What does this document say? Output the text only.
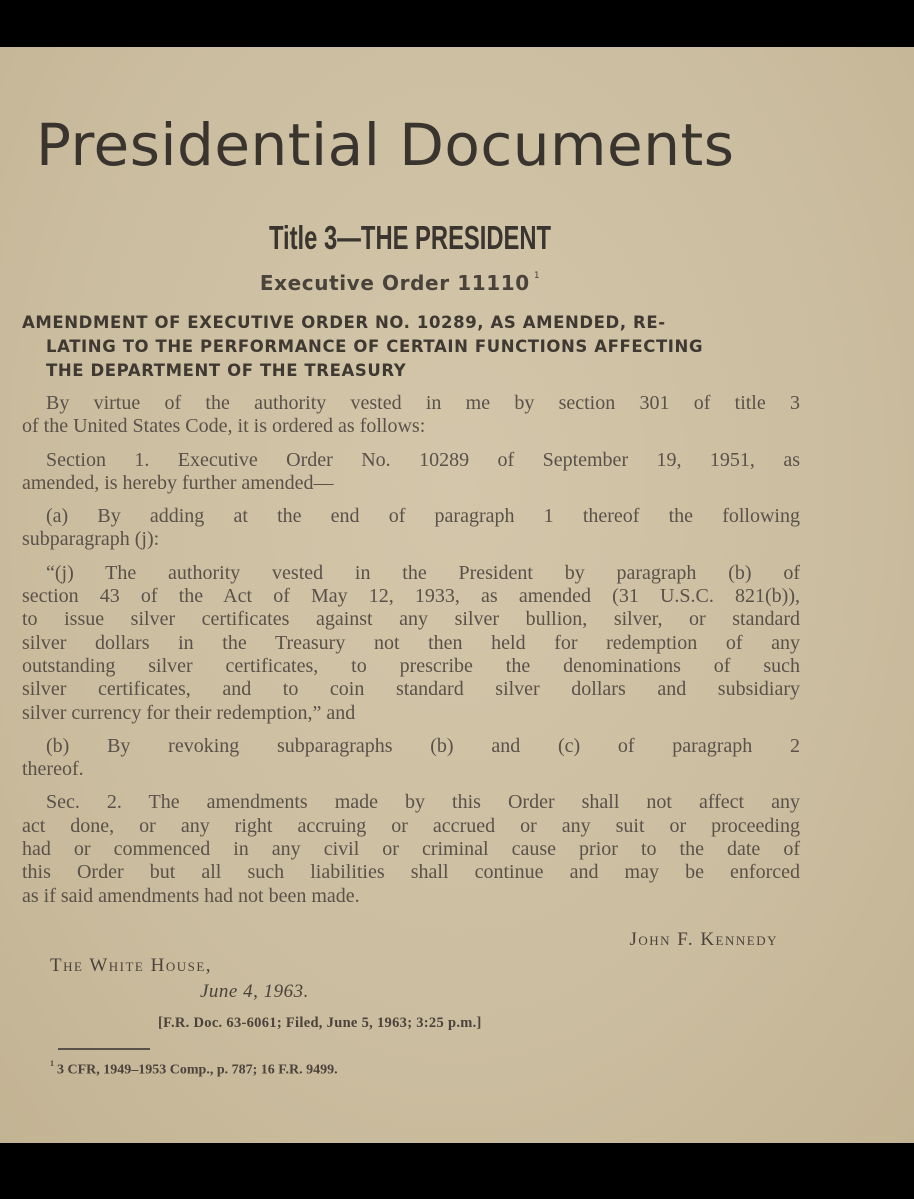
Presidential Documents
Title 3—THE PRESIDENT
Executive Order 11110 $^1$
AMENDMENT OF EXECUTIVE ORDER NO. 10289, AS AMENDED, RE-
LATING TO THE PERFORMANCE OF CERTAIN FUNCTIONS AFFECTING
THE DEPARTMENT OF THE TREASURY

By virtue of the authority vested in me by section 301 of title 3
of the United States Code, it is ordered as follows:

Section 1. Executive Order No. 10289 of September 19, 1951, as
amended, is hereby further amended—

(a) By adding at the end of paragraph 1 thereof the following
subparagraph (j):

“(j) The authority vested in the President by paragraph (b) of
section 43 of the Act of May 12, 1933, as amended (31 U.S.C. 821(b)),
to issue silver certificates against any silver bullion, silver, or standard
silver dollars in the Treasury not then held for redemption of any
outstanding silver certificates, to prescribe the denominations of such
silver certificates, and to coin standard silver dollars and subsidiary
silver currency for their redemption,” and

(b) By revoking subparagraphs (b) and (c) of paragraph 2
thereof.

Sec. 2. The amendments made by this Order shall not affect any
act done, or any right accruing or accrued or any suit or proceeding
had or commenced in any civil or criminal cause prior to the date of
this Order but all such liabilities shall continue and may be enforced
as if said amendments had not been made.

John F. Kennedy
The White House,
June 4, 1963.
[F.R. Doc. 63-6061; Filed, June 5, 1963; 3:25 p.m.]
$^1$ 3 CFR, 1949–1953 Comp., p. 787; 16 F.R. 9499.
